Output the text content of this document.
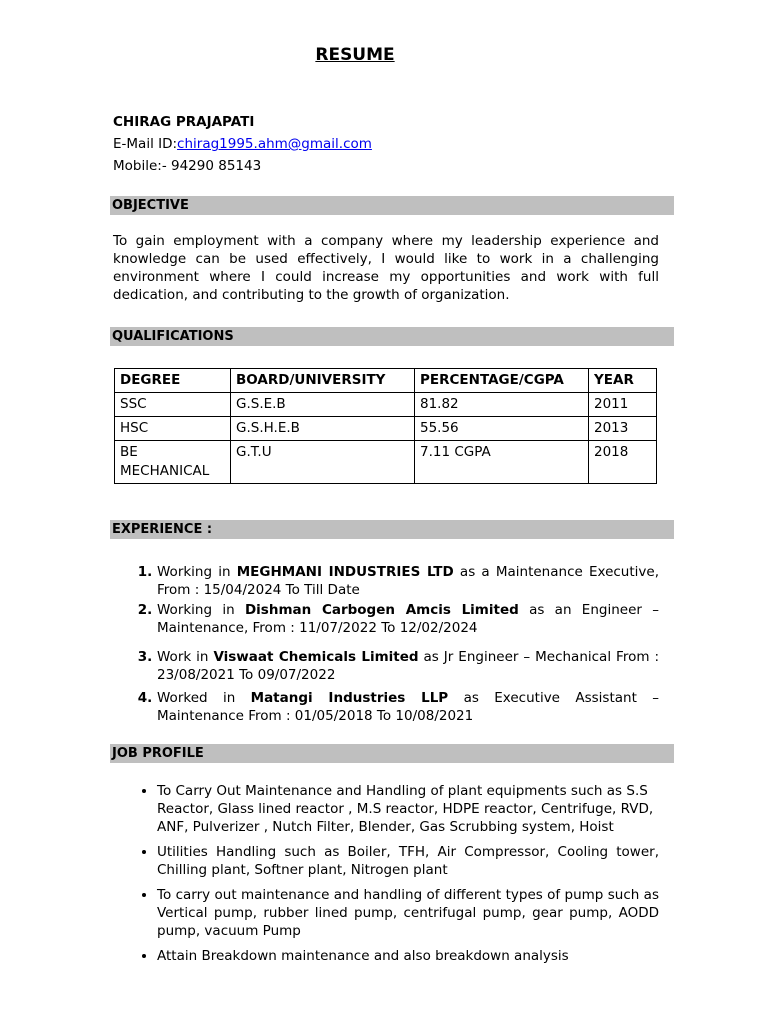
RESUME
CHIRAG PRAJAPATI
E-Mail ID:chirag1995.ahm@gmail.com
Mobile:- 94290 85143
OBJECTIVE

To gain employment with a company where my leadership experience and knowledge can be used effectively, I would like to work in a challenging environment where I could increase my opportunities and work with full dedication, and contributing to the growth of organization.

QUALIFICATIONS
DEGREE	BOARD/UNIVERSITY	PERCENTAGE/CGPA	YEAR
SSC	G.S.E.B	81.82	2011
HSC	G.S.H.E.B	55.56	2013
BE MECHANICAL	G.T.U	7.11 CGPA	2018
EXPERIENCE :
1. Working in MEGHMANI INDUSTRIES LTD as a Maintenance Executive, From : 15/04/2024 To Till Date
2. Working in Dishman Carbogen Amcis Limited as an Engineer – Maintenance, From : 11/07/2022 To 12/02/2024
3. Work in Viswaat Chemicals Limited as Jr Engineer – Mechanical From : 23/08/2021 To 09/07/2022
4. Worked in Matangi Industries LLP as Executive Assistant – Maintenance From : 01/05/2018 To 10/08/2021
JOB PROFILE
• To Carry Out Maintenance and Handling of plant equipments such as S.S Reactor, Glass lined reactor , M.S reactor, HDPE reactor, Centrifuge, RVD, ANF, Pulverizer , Nutch Filter, Blender, Gas Scrubbing system, Hoist
• Utilities Handling such as Boiler, TFH, Air Compressor, Cooling tower, Chilling plant, Softner plant, Nitrogen plant
• To carry out maintenance and handling of different types of pump such as Vertical pump, rubber lined pump, centrifugal pump, gear pump, AODD pump, vacuum Pump
• Attain Breakdown maintenance and also breakdown analysis
